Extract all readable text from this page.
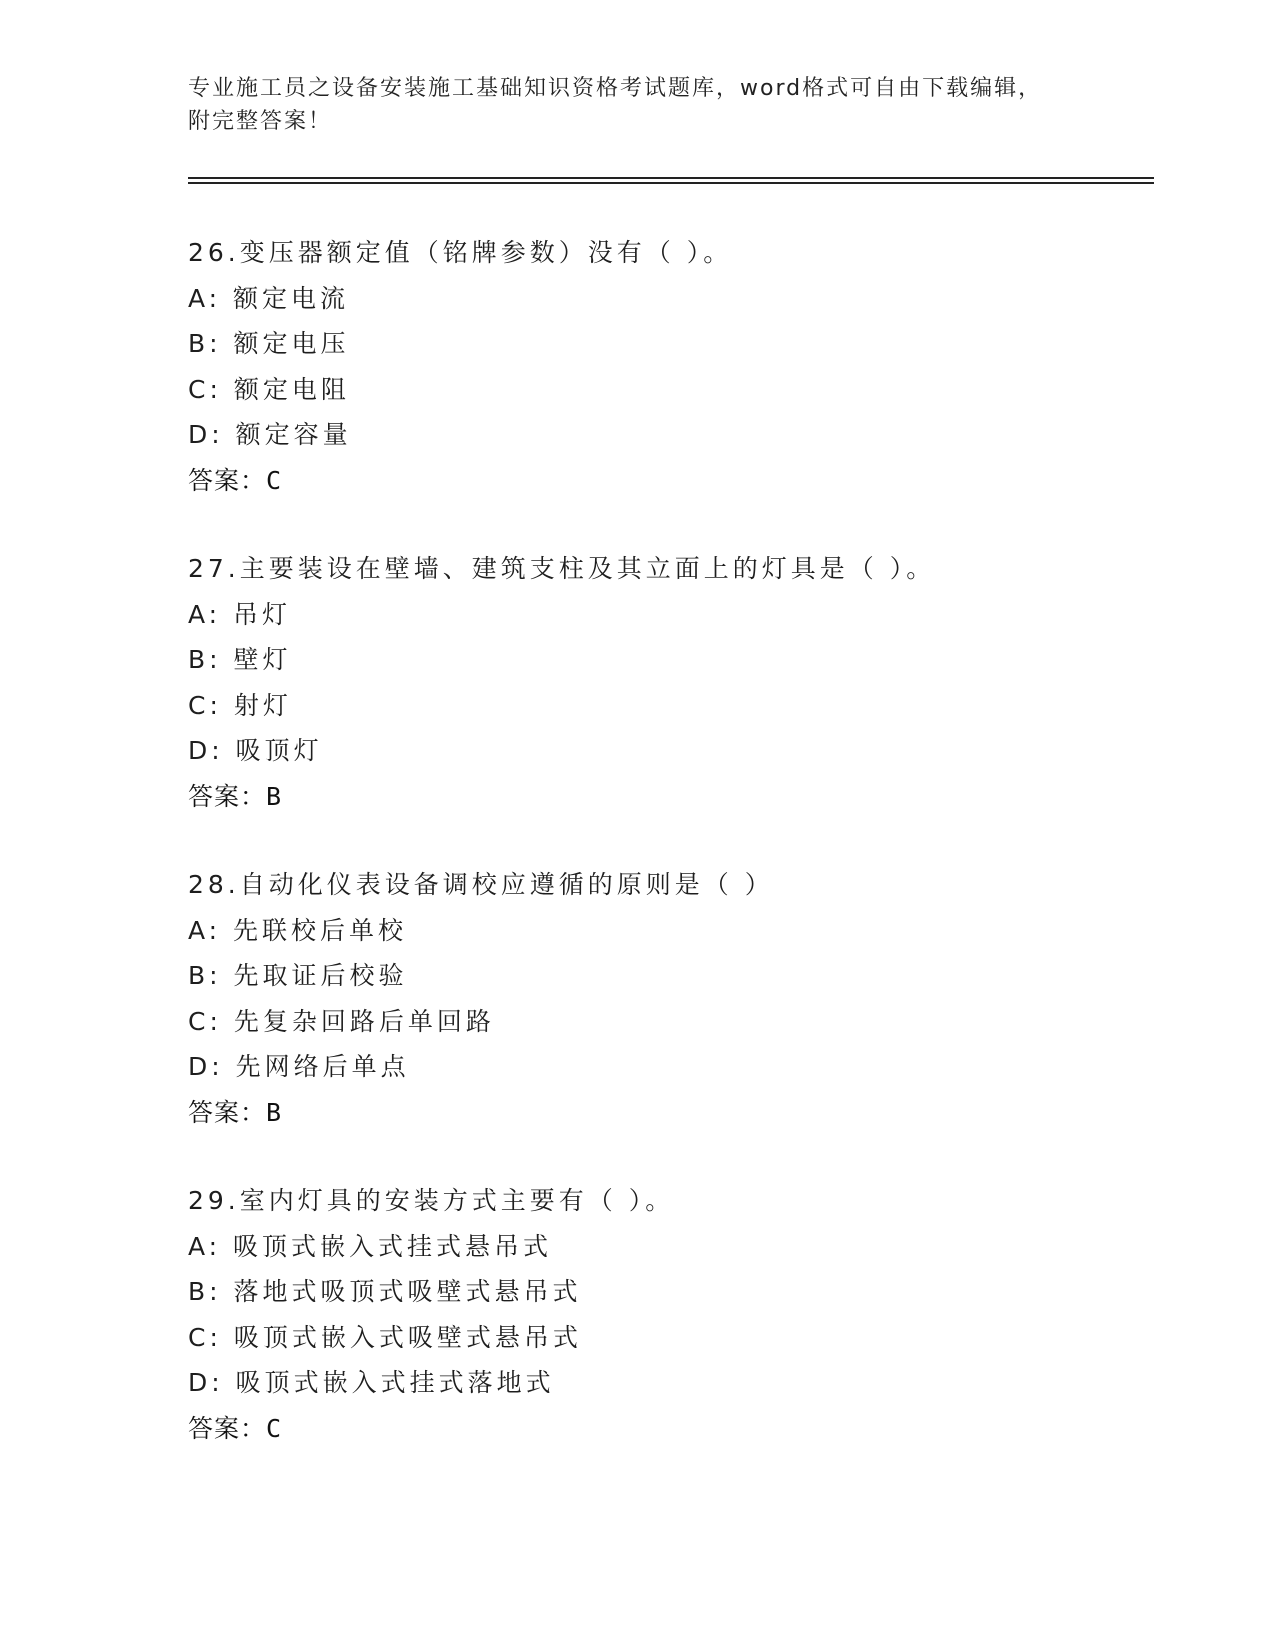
专业施工员之设备安装施工基础知识资格考试题库，word格式可自由下载编辑，
附完整答案！
26.变压器额定值（铭牌参数）没有（ ）。
A: 额定电流
B: 额定电压
C: 额定电阻
D: 额定容量
答案：C
27.主要装设在壁墙、建筑支柱及其立面上的灯具是（ ）。
A: 吊灯
B: 壁灯
C: 射灯
D: 吸顶灯
答案：B
28.自动化仪表设备调校应遵循的原则是（ ）
A: 先联校后单校
B: 先取证后校验
C: 先复杂回路后单回路
D: 先网络后单点
答案：B
29.室内灯具的安装方式主要有（ ）。
A: 吸顶式嵌入式挂式悬吊式
B: 落地式吸顶式吸壁式悬吊式
C: 吸顶式嵌入式吸壁式悬吊式
D: 吸顶式嵌入式挂式落地式
答案：C
